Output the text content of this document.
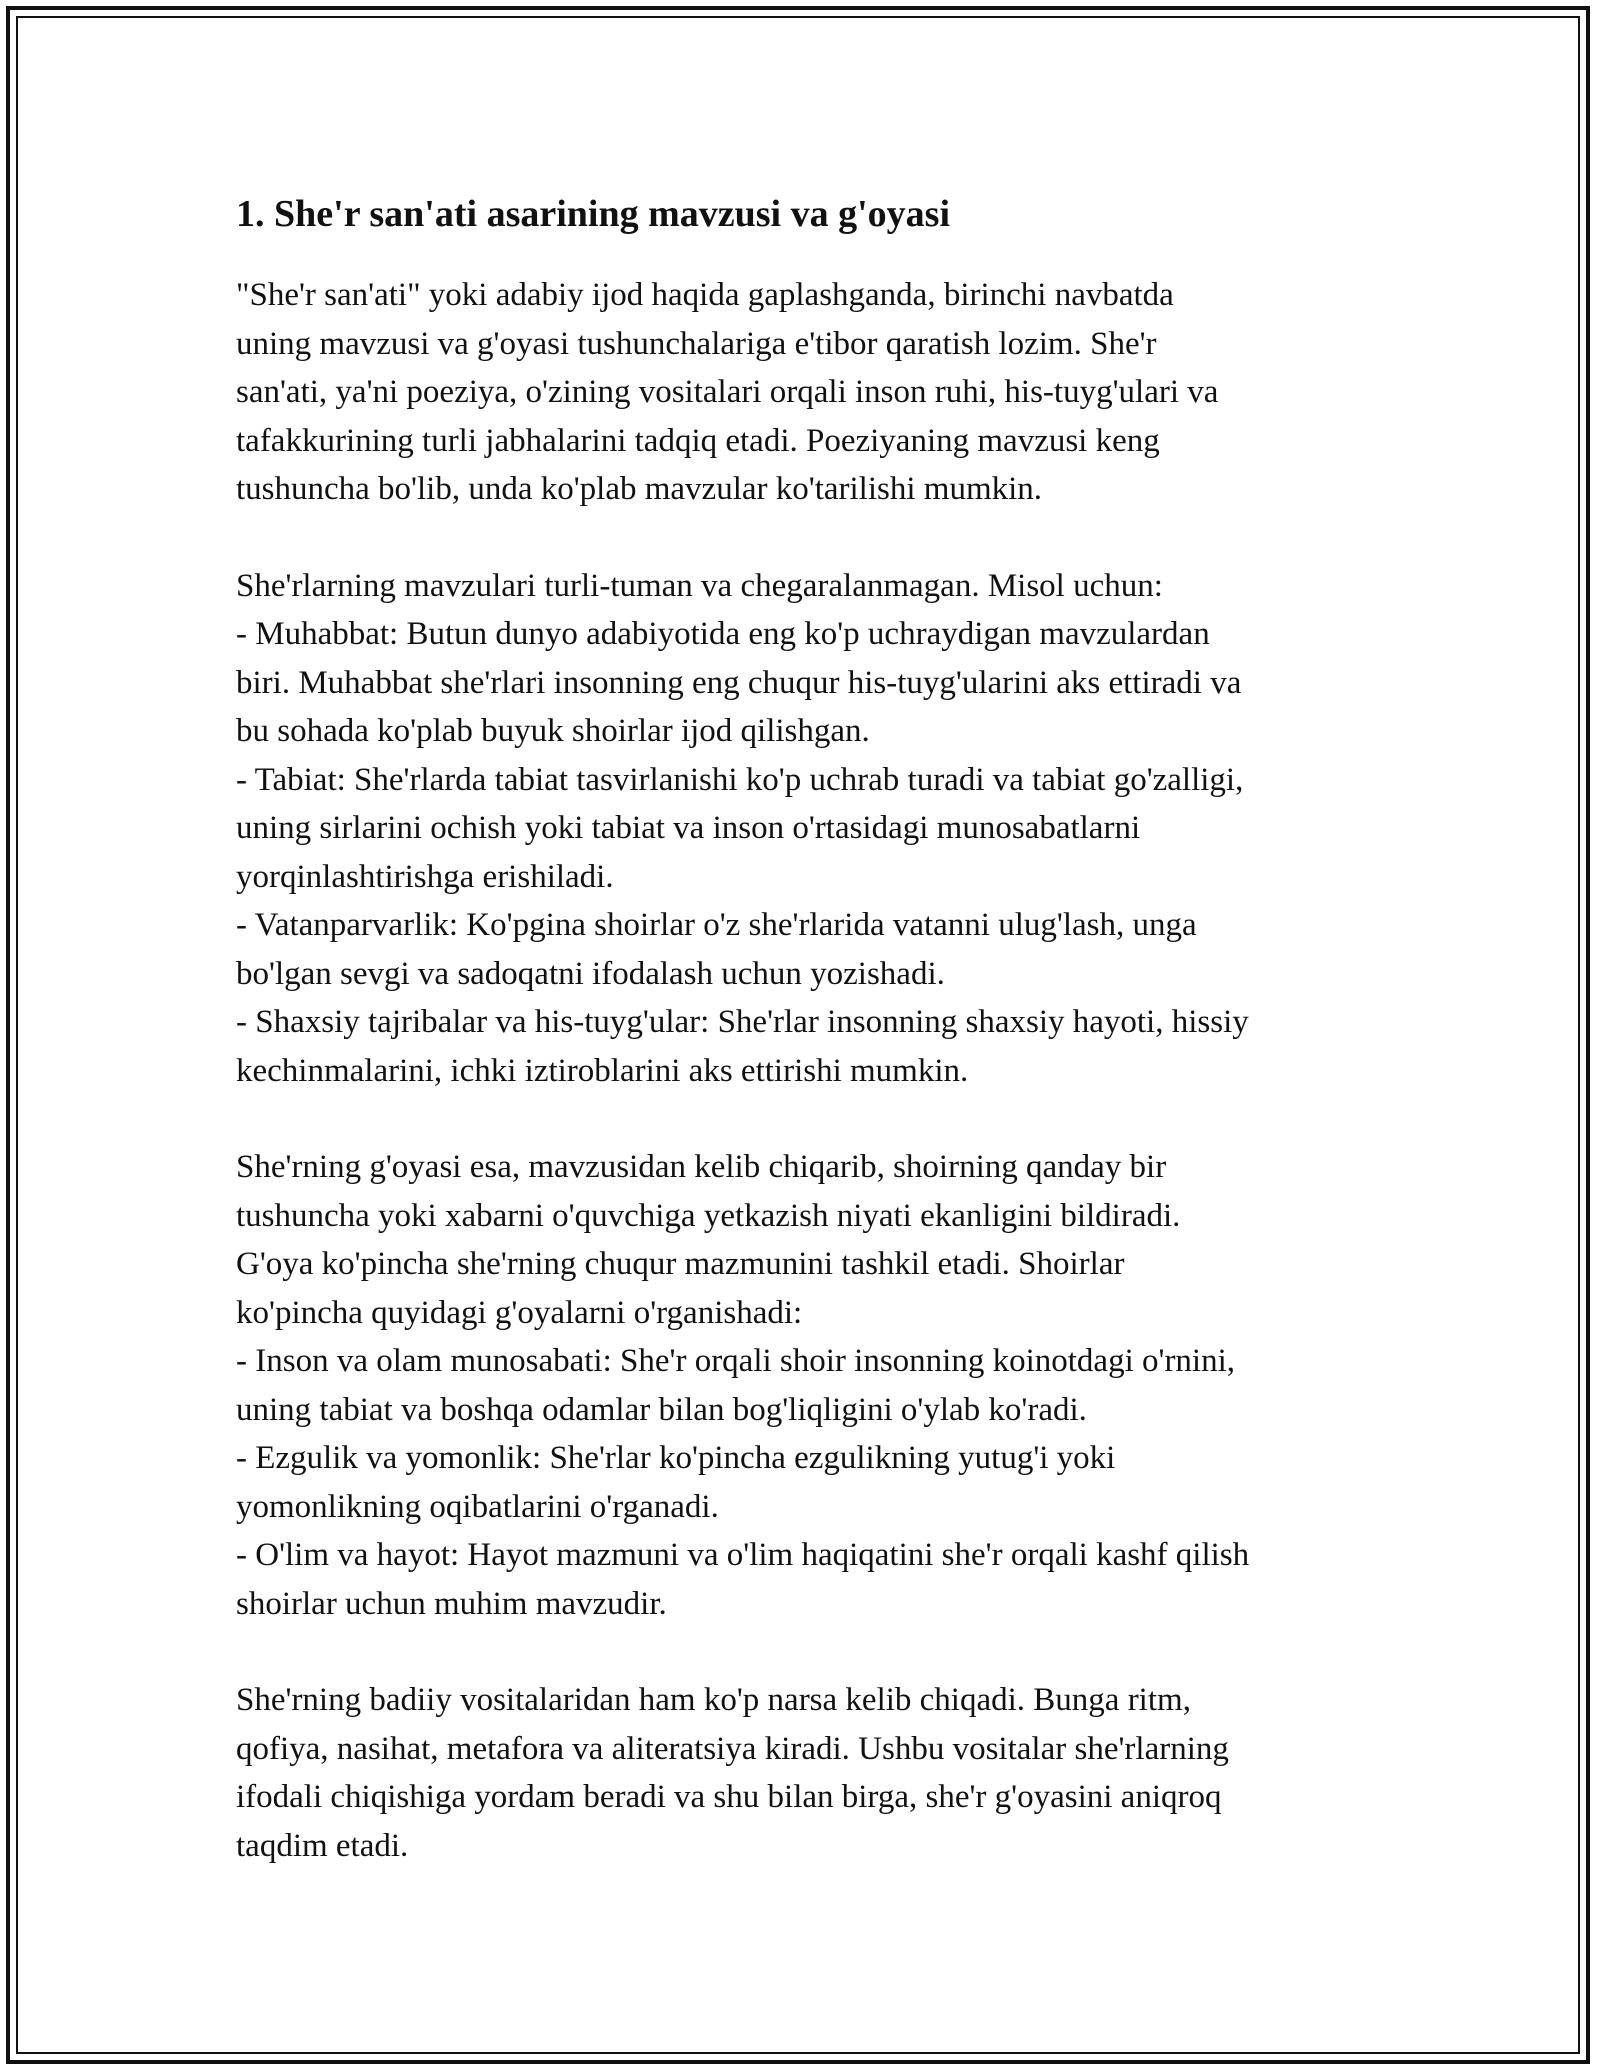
1. She'r san'ati asarining mavzusi va g'oyasi
"She'r san'ati" yoki adabiy ijod haqida gaplashganda, birinchi navbatda
uning mavzusi va g'oyasi tushunchalariga e'tibor qaratish lozim. She'r
san'ati, ya'ni poeziya, o'zining vositalari orqali inson ruhi, his-tuyg'ulari va
tafakkurining turli jabhalarini tadqiq etadi. Poeziyaning mavzusi keng
tushuncha bo'lib, unda ko'plab mavzular ko'tarilishi mumkin.
She'rlarning mavzulari turli-tuman va chegaralanmagan. Misol uchun:
- Muhabbat: Butun dunyo adabiyotida eng ko'p uchraydigan mavzulardan
biri. Muhabbat she'rlari insonning eng chuqur his-tuyg'ularini aks ettiradi va
bu sohada ko'plab buyuk shoirlar ijod qilishgan.
- Tabiat: She'rlarda tabiat tasvirlanishi ko'p uchrab turadi va tabiat go'zalligi,
uning sirlarini ochish yoki tabiat va inson o'rtasidagi munosabatlarni
yorqinlashtirishga erishiladi.
- Vatanparvarlik: Ko'pgina shoirlar o'z she'rlarida vatanni ulug'lash, unga
bo'lgan sevgi va sadoqatni ifodalash uchun yozishadi.
- Shaxsiy tajribalar va his-tuyg'ular: She'rlar insonning shaxsiy hayoti, hissiy
kechinmalarini, ichki iztiroblarini aks ettirishi mumkin.
She'rning g'oyasi esa, mavzusidan kelib chiqarib, shoirning qanday bir
tushuncha yoki xabarni o'quvchiga yetkazish niyati ekanligini bildiradi.
G'oya ko'pincha she'rning chuqur mazmunini tashkil etadi. Shoirlar
ko'pincha quyidagi g'oyalarni o'rganishadi:
- Inson va olam munosabati: She'r orqali shoir insonning koinotdagi o'rnini,
uning tabiat va boshqa odamlar bilan bog'liqligini o'ylab ko'radi.
- Ezgulik va yomonlik: She'rlar ko'pincha ezgulikning yutug'i yoki
yomonlikning oqibatlarini o'rganadi.
- O'lim va hayot: Hayot mazmuni va o'lim haqiqatini she'r orqali kashf qilish
shoirlar uchun muhim mavzudir.
She'rning badiiy vositalaridan ham ko'p narsa kelib chiqadi. Bunga ritm,
qofiya, nasihat, metafora va aliteratsiya kiradi. Ushbu vositalar she'rlarning
ifodali chiqishiga yordam beradi va shu bilan birga, she'r g'oyasini aniqroq
taqdim etadi.
